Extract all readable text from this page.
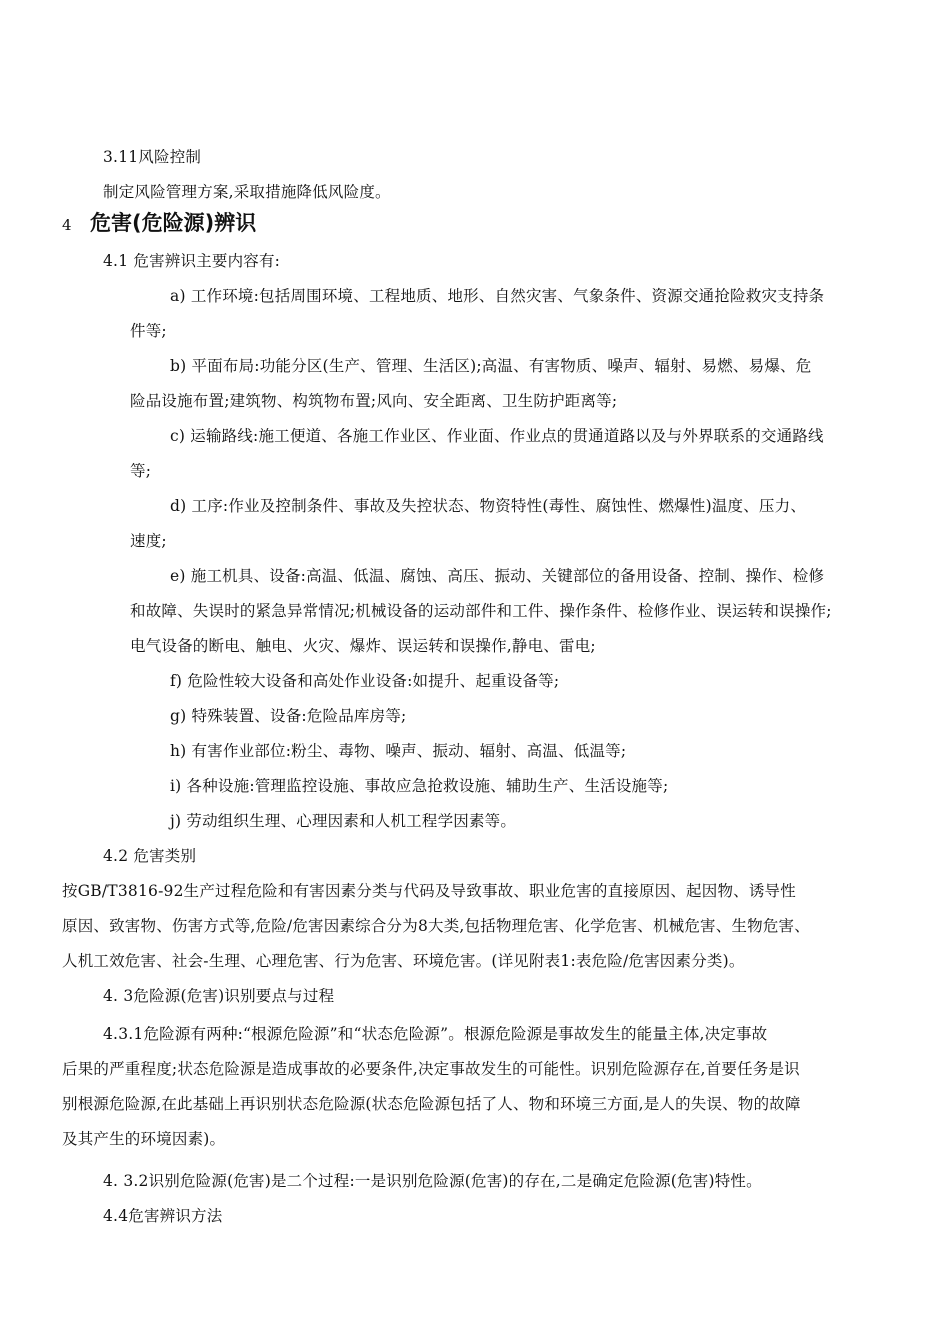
3.11风险控制
制定风险管理方案,采取措施降低风险度。
4 危害(危险源)辨识
4.1 危害辨识主要内容有:
a) 工作环境:包括周围环境、工程地质、地形、自然灾害、气象条件、资源交通抢险救灾支持条
件等;
b) 平面布局:功能分区(生产、管理、生活区);高温、有害物质、噪声、辐射、易燃、易爆、危
险品设施布置;建筑物、构筑物布置;风向、安全距离、卫生防护距离等;
c) 运输路线:施工便道、各施工作业区、作业面、作业点的贯通道路以及与外界联系的交通路线
等;
d) 工序:作业及控制条件、事故及失控状态、物资特性(毒性、腐蚀性、燃爆性)温度、压力、
速度;
e) 施工机具、设备:高温、低温、腐蚀、高压、振动、关键部位的备用设备、控制、操作、检修
和故障、失误时的紧急异常情况;机械设备的运动部件和工件、操作条件、检修作业、误运转和误操作;
电气设备的断电、触电、火灾、爆炸、误运转和误操作,静电、雷电;
f) 危险性较大设备和高处作业设备:如提升、起重设备等;
g) 特殊装置、设备:危险品库房等;
h) 有害作业部位:粉尘、毒物、噪声、振动、辐射、高温、低温等;
i) 各种设施:管理监控设施、事故应急抢救设施、辅助生产、生活设施等;
j) 劳动组织生理、心理因素和人机工程学因素等。
4.2 危害类别
按GB/T3816-92生产过程危险和有害因素分类与代码及导致事故、职业危害的直接原因、起因物、诱导性
原因、致害物、伤害方式等,危险/危害因素综合分为8大类,包括物理危害、化学危害、机械危害、生物危害、
人机工效危害、社会-生理、心理危害、行为危害、环境危害。(详见附表1:表危险/危害因素分类)。
4. 3危险源(危害)识别要点与过程
4.3.1危险源有两种:“根源危险源”和“状态危险源”。根源危险源是事故发生的能量主体,决定事故
后果的严重程度;状态危险源是造成事故的必要条件,决定事故发生的可能性。识别危险源存在,首要任务是识
别根源危险源,在此基础上再识别状态危险源(状态危险源包括了人、物和环境三方面,是人的失误、物的故障
及其产生的环境因素)。
4. 3.2识别危险源(危害)是二个过程:一是识别危险源(危害)的存在,二是确定危险源(危害)特性。
4.4危害辨识方法
